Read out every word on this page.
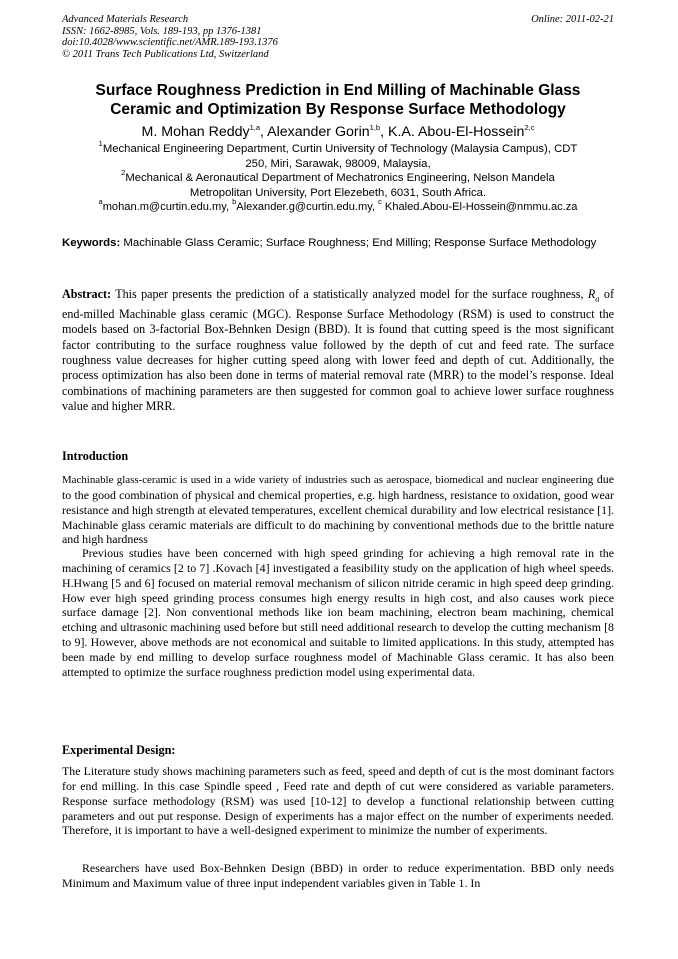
Advanced Materials Research
ISSN: 1662-8985, Vols. 189-193, pp 1376-1381
doi:10.4028/www.scientific.net/AMR.189-193.1376
© 2011 Trans Tech Publications Ltd, Switzerland
Online: 2011-02-21
Surface Roughness Prediction in End Milling of Machinable Glass
Ceramic and Optimization By Response Surface Methodology
M. Mohan Reddy$^{1,a}$, Alexander Gorin$^{1,b}$, K.A. Abou-El-Hossein$^{2,c}$
$^1$Mechanical Engineering Department, Curtin University of Technology (Malaysia Campus), CDT
250, Miri, Sarawak, 98009, Malaysia,
$^2$Mechanical & Aeronautical Department of Mechatronics Engineering, Nelson Mandela
Metropolitan University, Port Elezebeth, 6031, South Africa.
$^a$mohan.m@curtin.edu.my, $^b$Alexander.g@curtin.edu.my, $^c$ Khaled.Abou-El-Hossein@nmmu.ac.za
Keywords: Machinable Glass Ceramic; Surface Roughness; End Milling; Response Surface Methodology
Abstract: This paper presents the prediction of a statistically analyzed model for the surface roughness, $R_a$ of end-milled Machinable glass ceramic (MGC). Response Surface Methodology (RSM) is used to construct the models based on 3-factorial Box-Behnken Design (BBD). It is found that cutting speed is the most significant factor contributing to the surface roughness value followed by the depth of cut and feed rate. The surface roughness value decreases for higher cutting speed along with lower feed and depth of cut. Additionally, the process optimization has also been done in terms of material removal rate (MRR) to the model’s response. Ideal combinations of machining parameters are then suggested for common goal to achieve lower surface roughness value and higher MRR.
Introduction
Machinable glass-ceramic is used in a wide variety of industries such as aerospace, biomedical and nuclear engineering due to the good combination of physical and chemical properties, e.g. high hardness, resistance to oxidation, good wear resistance and high strength at elevated temperatures, excellent chemical durability and low electrical resistance [1]. Machinable glass ceramic materials are difficult to do machining by conventional methods due to the brittle nature and high hardness
Previous studies have been concerned with high speed grinding for achieving a high removal rate in the machining of ceramics [2 to 7] .Kovach [4] investigated a feasibility study on the application of high wheel speeds. H.Hwang [5 and 6] focused on material removal mechanism of silicon nitride ceramic in high speed deep grinding. How ever high speed grinding process consumes high energy results in high cost, and also causes work piece surface damage [2]. Non conventional methods like ion beam machining, electron beam machining, chemical etching and ultrasonic machining used before but still need additional research to develop the cutting mechanism [8 to 9]. However, above methods are not economical and suitable to limited applications. In this study, attempted has been made by end milling to develop surface roughness model of Machinable Glass ceramic. It has also been attempted to optimize the surface roughness prediction model using experimental data.
Experimental Design:
The Literature study shows machining parameters such as feed, speed and depth of cut is the most dominant factors for end milling. In this case Spindle speed , Feed rate and depth of cut were considered as variable parameters. Response surface methodology (RSM) was used [10-12] to develop a functional relationship between cutting parameters and out put response. Design of experiments has a major effect on the number of experiments needed. Therefore, it is important to have a well-designed experiment to minimize the number of experiments.
Researchers have used Box-Behnken Design (BBD) in order to reduce experimentation. BBD only needs Minimum and Maximum value of three input independent variables given in Table 1. In
